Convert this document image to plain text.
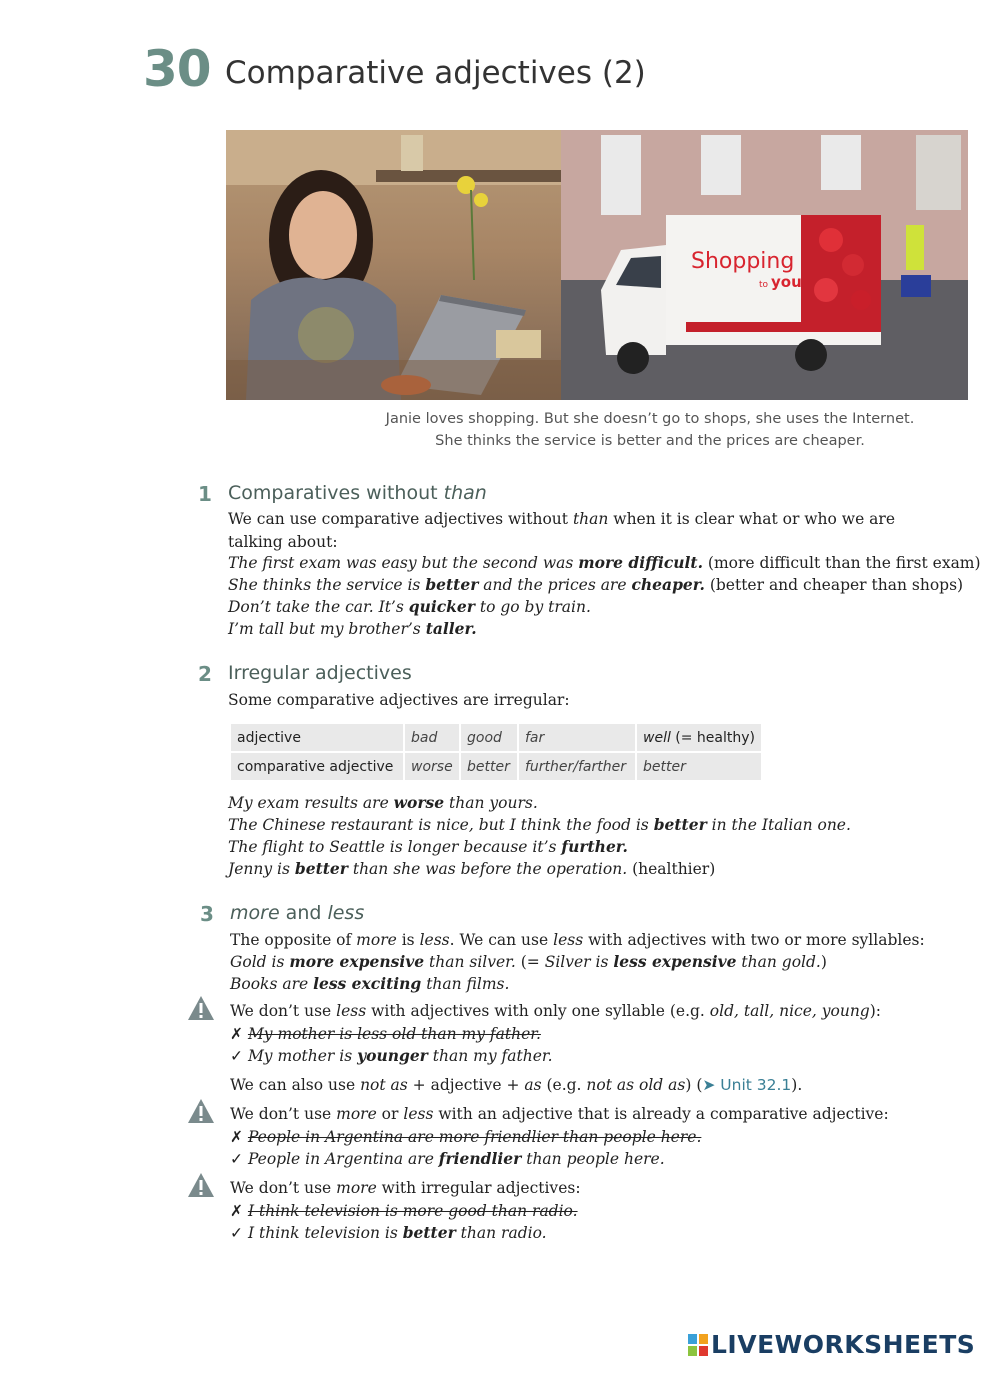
30 Comparative adjectives (2)
Shopping
to you
Janie loves shopping. But she doesn’t go to shops, she uses the Internet.
She thinks the service is better and the prices are cheaper.
1 Comparatives without than
We can use comparative adjectives without than when it is clear what or who we are
talking about:
The first exam was easy but the second was more difficult. (more difficult than the first exam)
She thinks the service is better and the prices are cheaper. (better and cheaper than shops)
Don’t take the car. It’s quicker to go by train.
I’m tall but my brother’s taller.
2 Irregular adjectives
Some comparative adjectives are irregular:
adjective	bad	good	far	well (= healthy)
comparative adjective	worse	better	further/farther	better
My exam results are worse than yours.
The Chinese restaurant is nice, but I think the food is better in the Italian one.
The flight to Seattle is longer because it’s further.
Jenny is better than she was before the operation. (healthier)
3 more and less
The opposite of more is less. We can use less with adjectives with two or more syllables:
Gold is more expensive than silver. (= Silver is less expensive than gold.)
Books are less exciting than films.
We don’t use less with adjectives with only one syllable (e.g. old, tall, nice, young):
✗ My mother is less old than my father.
✓ My mother is younger than my father.
We can also use not as + adjective + as (e.g. not as old as) (➤ Unit 32.1).
We don’t use more or less with an adjective that is already a comparative adjective:
✗ People in Argentina are more friendlier than people here.
✓ People in Argentina are friendlier than people here.
We don’t use more with irregular adjectives:
✗ I think television is more good than radio.
✓ I think television is better than radio.
LIVEWORKSHEETS
